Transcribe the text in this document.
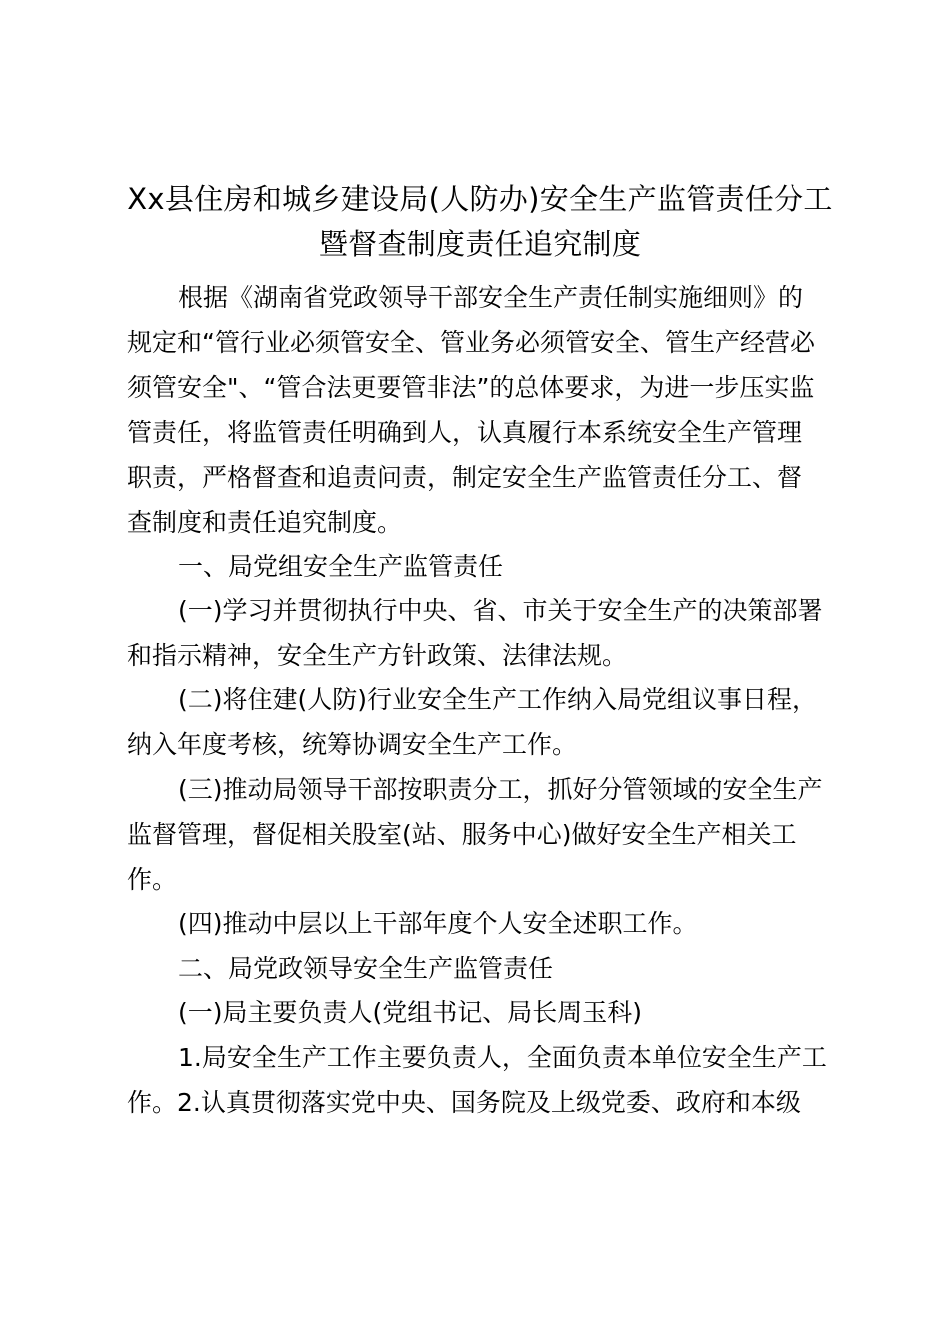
Xx县住房和城乡建设局(人防办)安全生产监管责任分工
暨督查制度责任追究制度
根据《湖南省党政领导干部安全生产责任制实施细则》的
规定和“管行业必须管安全、管业务必须管安全、管生产经营必
须管安全"、“管合法更要管非法”的总体要求，为进一步压实监
管责任，将监管责任明确到人，认真履行本系统安全生产管理
职责，严格督查和追责问责，制定安全生产监管责任分工、督
查制度和责任追究制度。
一、局党组安全生产监管责任
(一)学习并贯彻执行中央、省、市关于安全生产的决策部署
和指示精神，安全生产方针政策、法律法规。
(二)将住建(人防)行业安全生产工作纳入局党组议事日程，
纳入年度考核，统筹协调安全生产工作。
(三)推动局领导干部按职责分工，抓好分管领域的安全生产
监督管理，督促相关股室(站、服务中心)做好安全生产相关工
作。
(四)推动中层以上干部年度个人安全述职工作。
二、局党政领导安全生产监管责任
(一)局主要负责人(党组书记、局长周玉科)
1.局安全生产工作主要负责人，全面负责本单位安全生产工
作。2.认真贯彻落实党中央、国务院及上级党委、政府和本级
